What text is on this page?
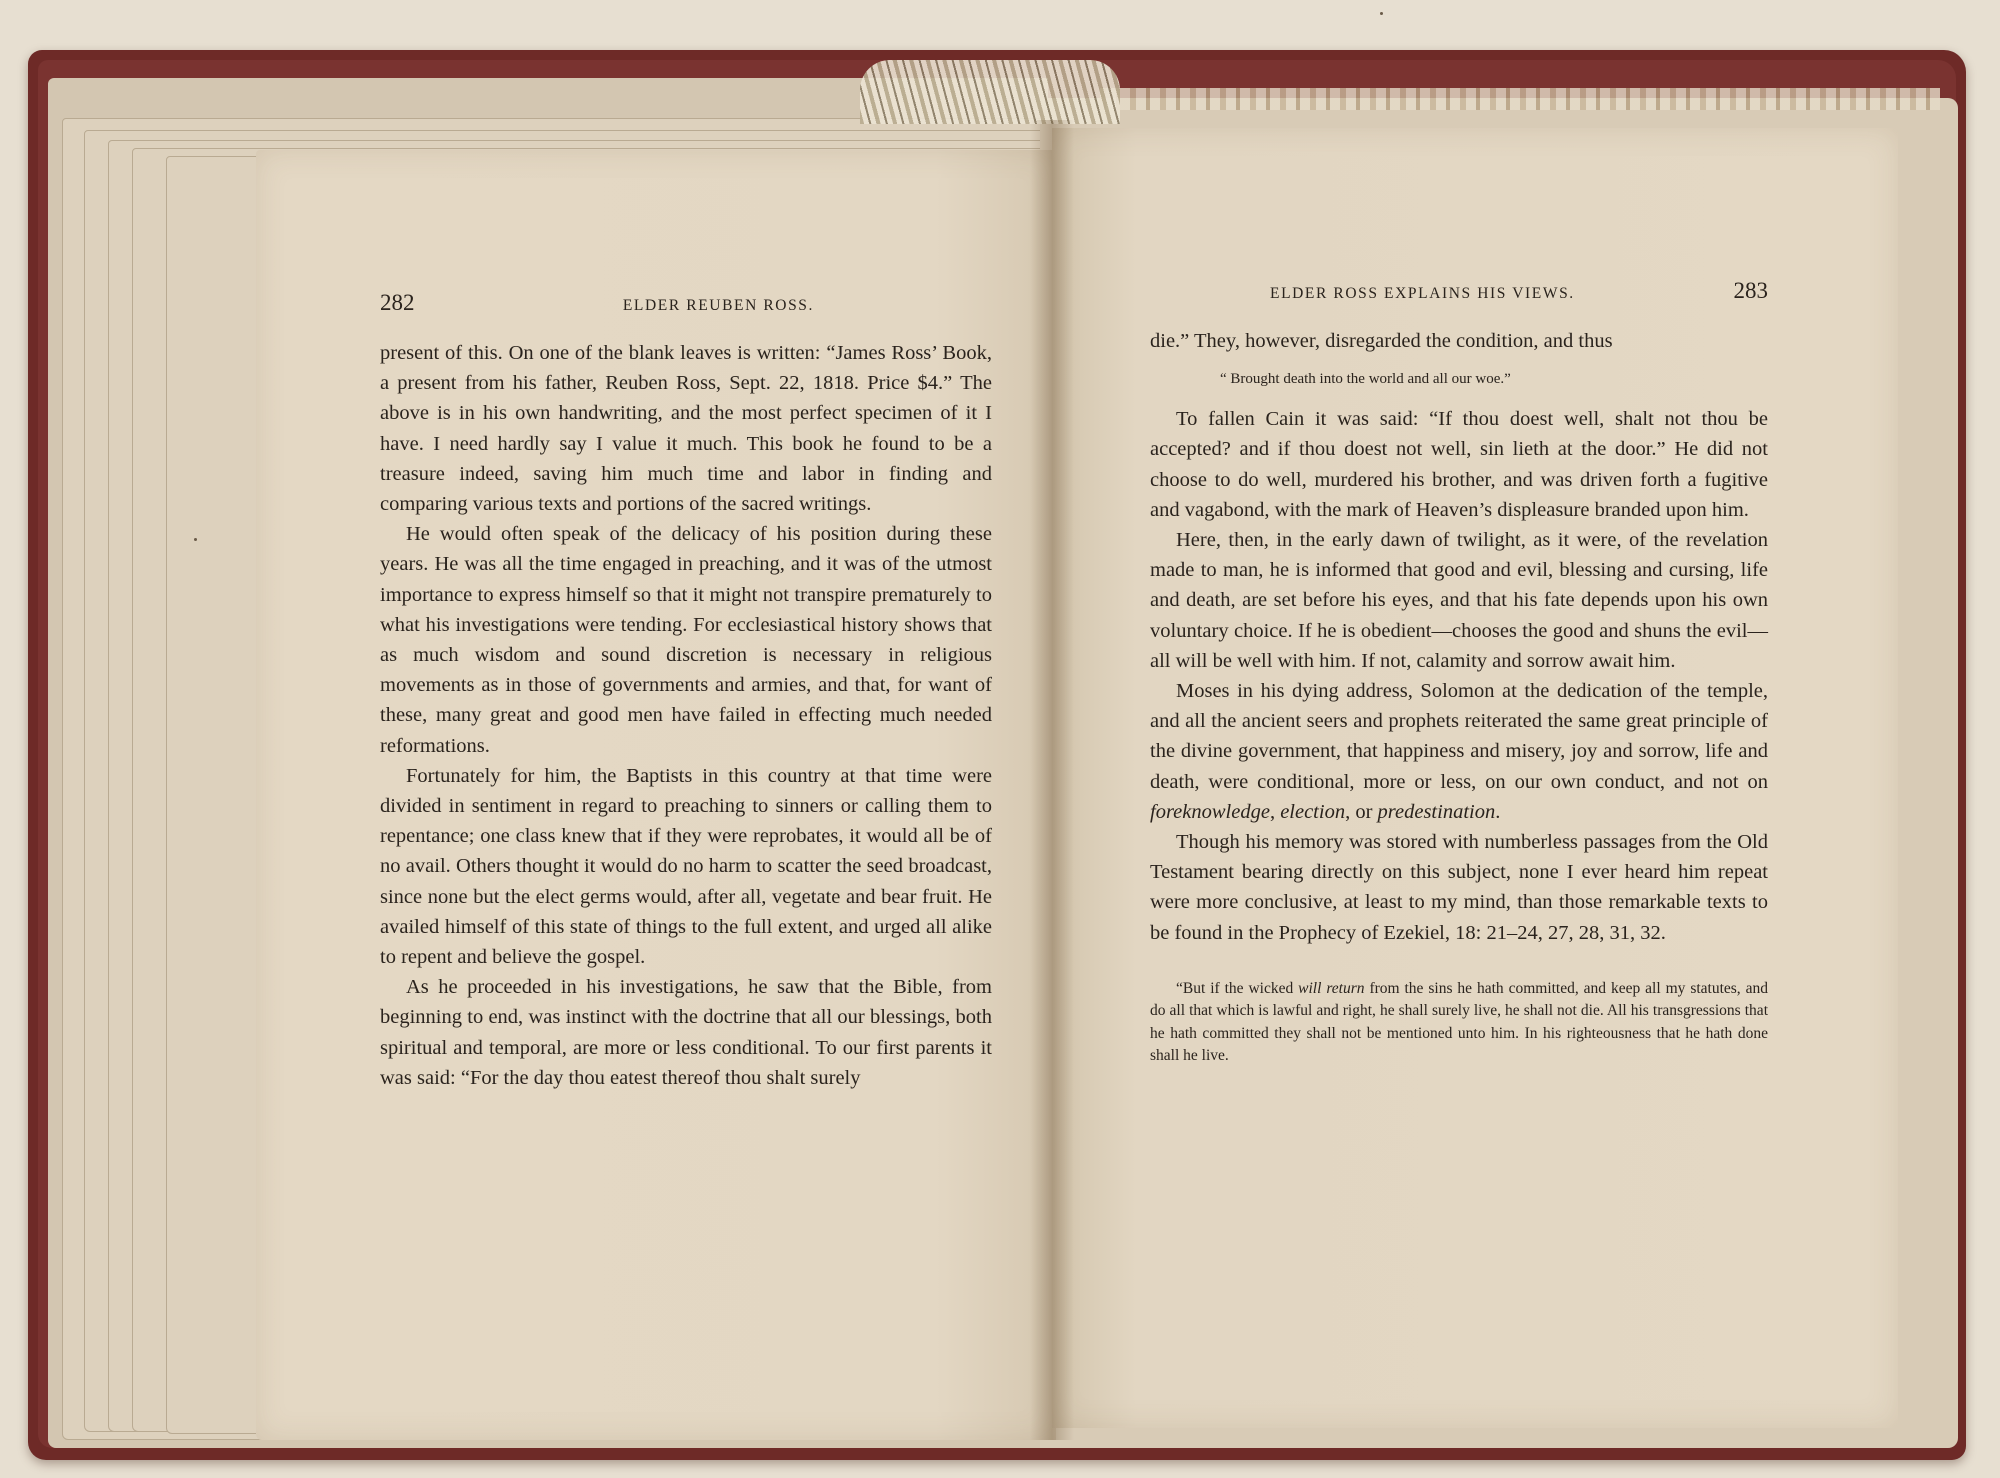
282	ELDER REUBEN ROSS.

present of this. On one of the blank leaves is written: “James Ross’ Book, a present from his father, Reuben Ross, Sept. 22, 1818. Price $4.” The above is in his own handwriting, and the most perfect specimen of it I have. I need hardly say I value it much. This book he found to be a treasure indeed, saving him much time and labor in finding and comparing various texts and portions of the sacred writings.

He would often speak of the delicacy of his position during these years. He was all the time engaged in preaching, and it was of the utmost importance to express himself so that it might not transpire prematurely to what his investigations were tending. For ecclesiastical history shows that as much wisdom and sound discretion is necessary in religious movements as in those of governments and armies, and that, for want of these, many great and good men have failed in effecting much needed reformations.

Fortunately for him, the Baptists in this country at that time were divided in sentiment in regard to preaching to sinners or calling them to repentance; one class knew that if they were reprobates, it would all be of no avail. Others thought it would do no harm to scatter the seed broadcast, since none but the elect germs would, after all, vegetate and bear fruit. He availed himself of this state of things to the full extent, and urged all alike to repent and believe the gospel.

As he proceeded in his investigations, he saw that the Bible, from beginning to end, was instinct with the doctrine that all our blessings, both spiritual and temporal, are more or less conditional. To our first parents it was said: “For the day thou eatest thereof thou shalt surely

ELDER ROSS EXPLAINS HIS VIEWS.	283

die.” They, however, disregarded the condition, and thus

“ Brought death into the world and all our woe.”

To fallen Cain it was said: “If thou doest well, shalt not thou be accepted? and if thou doest not well, sin lieth at the door.” He did not choose to do well, murdered his brother, and was driven forth a fugitive and vagabond, with the mark of Heaven’s displeasure branded upon him.

Here, then, in the early dawn of twilight, as it were, of the revelation made to man, he is informed that good and evil, blessing and cursing, life and death, are set before his eyes, and that his fate depends upon his own voluntary choice. If he is obedient—chooses the good and shuns the evil—all will be well with him. If not, calamity and sorrow await him.

Moses in his dying address, Solomon at the dedication of the temple, and all the ancient seers and prophets reiterated the same great principle of the divine government, that happiness and misery, joy and sorrow, life and death, were conditional, more or less, on our own conduct, and not on foreknowledge, election, or predestination.

Though his memory was stored with numberless passages from the Old Testament bearing directly on this subject, none I ever heard him repeat were more conclusive, at least to my mind, than those remarkable texts to be found in the Prophecy of Ezekiel, 18: 21–24, 27, 28, 31, 32.

“But if the wicked will return from the sins he hath committed, and keep all my statutes, and do all that which is lawful and right, he shall surely live, he shall not die. All his transgressions that he hath committed they shall not be mentioned unto him. In his righteousness that he hath done shall he live.
